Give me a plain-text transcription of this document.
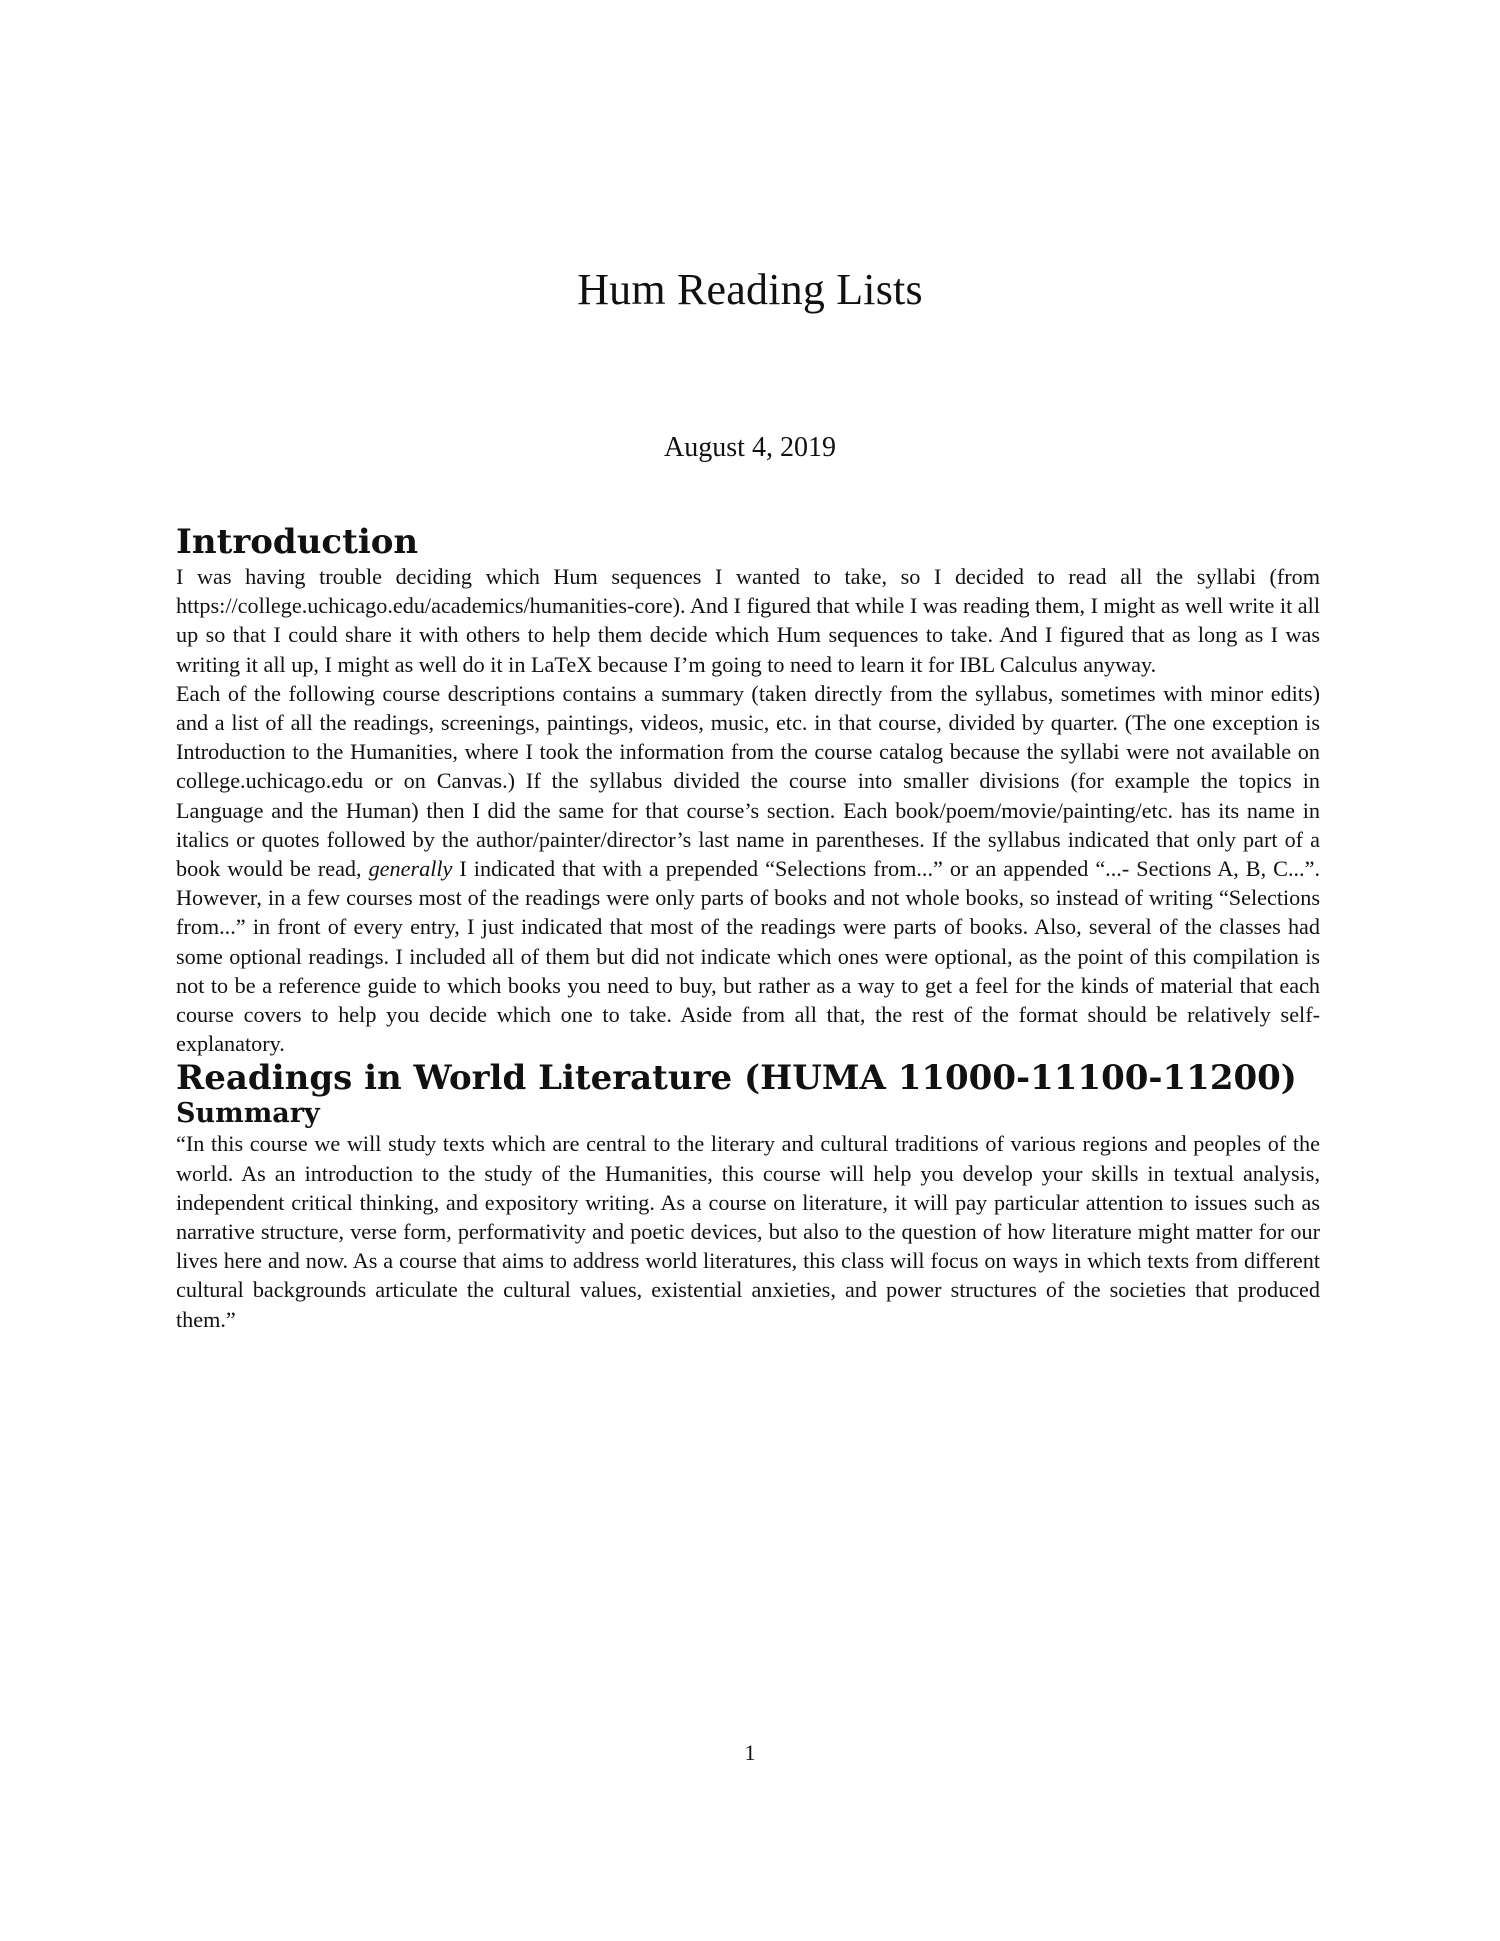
Hum Reading Lists
August 4, 2019
Introduction

I was having trouble deciding which Hum sequences I wanted to take, so I decided to read all the syllabi (from https://college.uchicago.edu/academics/humanities-core). And I figured that while I was reading them, I might as well write it all up so that I could share it with others to help them decide which Hum sequences to take. And I figured that as long as I was writing it all up, I might as well do it in LaTeX because I’m going to need to learn it for IBL Calculus anyway.

Each of the following course descriptions contains a summary (taken directly from the syllabus, sometimes with minor edits) and a list of all the readings, screenings, paintings, videos, music, etc. in that course, divided by quarter. (The one exception is Introduction to the Humanities, where I took the information from the course catalog because the syllabi were not available on college.uchicago.edu or on Canvas.) If the syllabus divided the course into smaller divisions (for example the topics in Language and the Human) then I did the same for that course’s section. Each book/poem/movie/painting/etc. has its name in italics or quotes followed by the author/painter/director’s last name in parentheses. If the syllabus indicated that only part of a book would be read, generally I indicated that with a prepended “Selections from...” or an appended “...- Sections A, B, C...”. However, in a few courses most of the readings were only parts of books and not whole books, so instead of writing “Selections from...” in front of every entry, I just indicated that most of the readings were parts of books. Also, several of the classes had some optional readings. I included all of them but did not indicate which ones were optional, as the point of this compilation is not to be a reference guide to which books you need to buy, but rather as a way to get a feel for the kinds of material that each course covers to help you decide which one to take. Aside from all that, the rest of the format should be relatively self-explanatory.

Readings in World Literature (HUMA 11000-11100-11200)
Summary

“In this course we will study texts which are central to the literary and cultural traditions of various regions and peoples of the world. As an introduction to the study of the Humanities, this course will help you develop your skills in textual analysis, independent critical thinking, and expository writing. As a course on literature, it will pay particular attention to issues such as narrative structure, verse form, performativity and poetic devices, but also to the question of how literature might matter for our lives here and now. As a course that aims to address world literatures, this class will focus on ways in which texts from different cultural backgrounds articulate the cultural values, existential anxieties, and power structures of the societies that produced them.”

1
